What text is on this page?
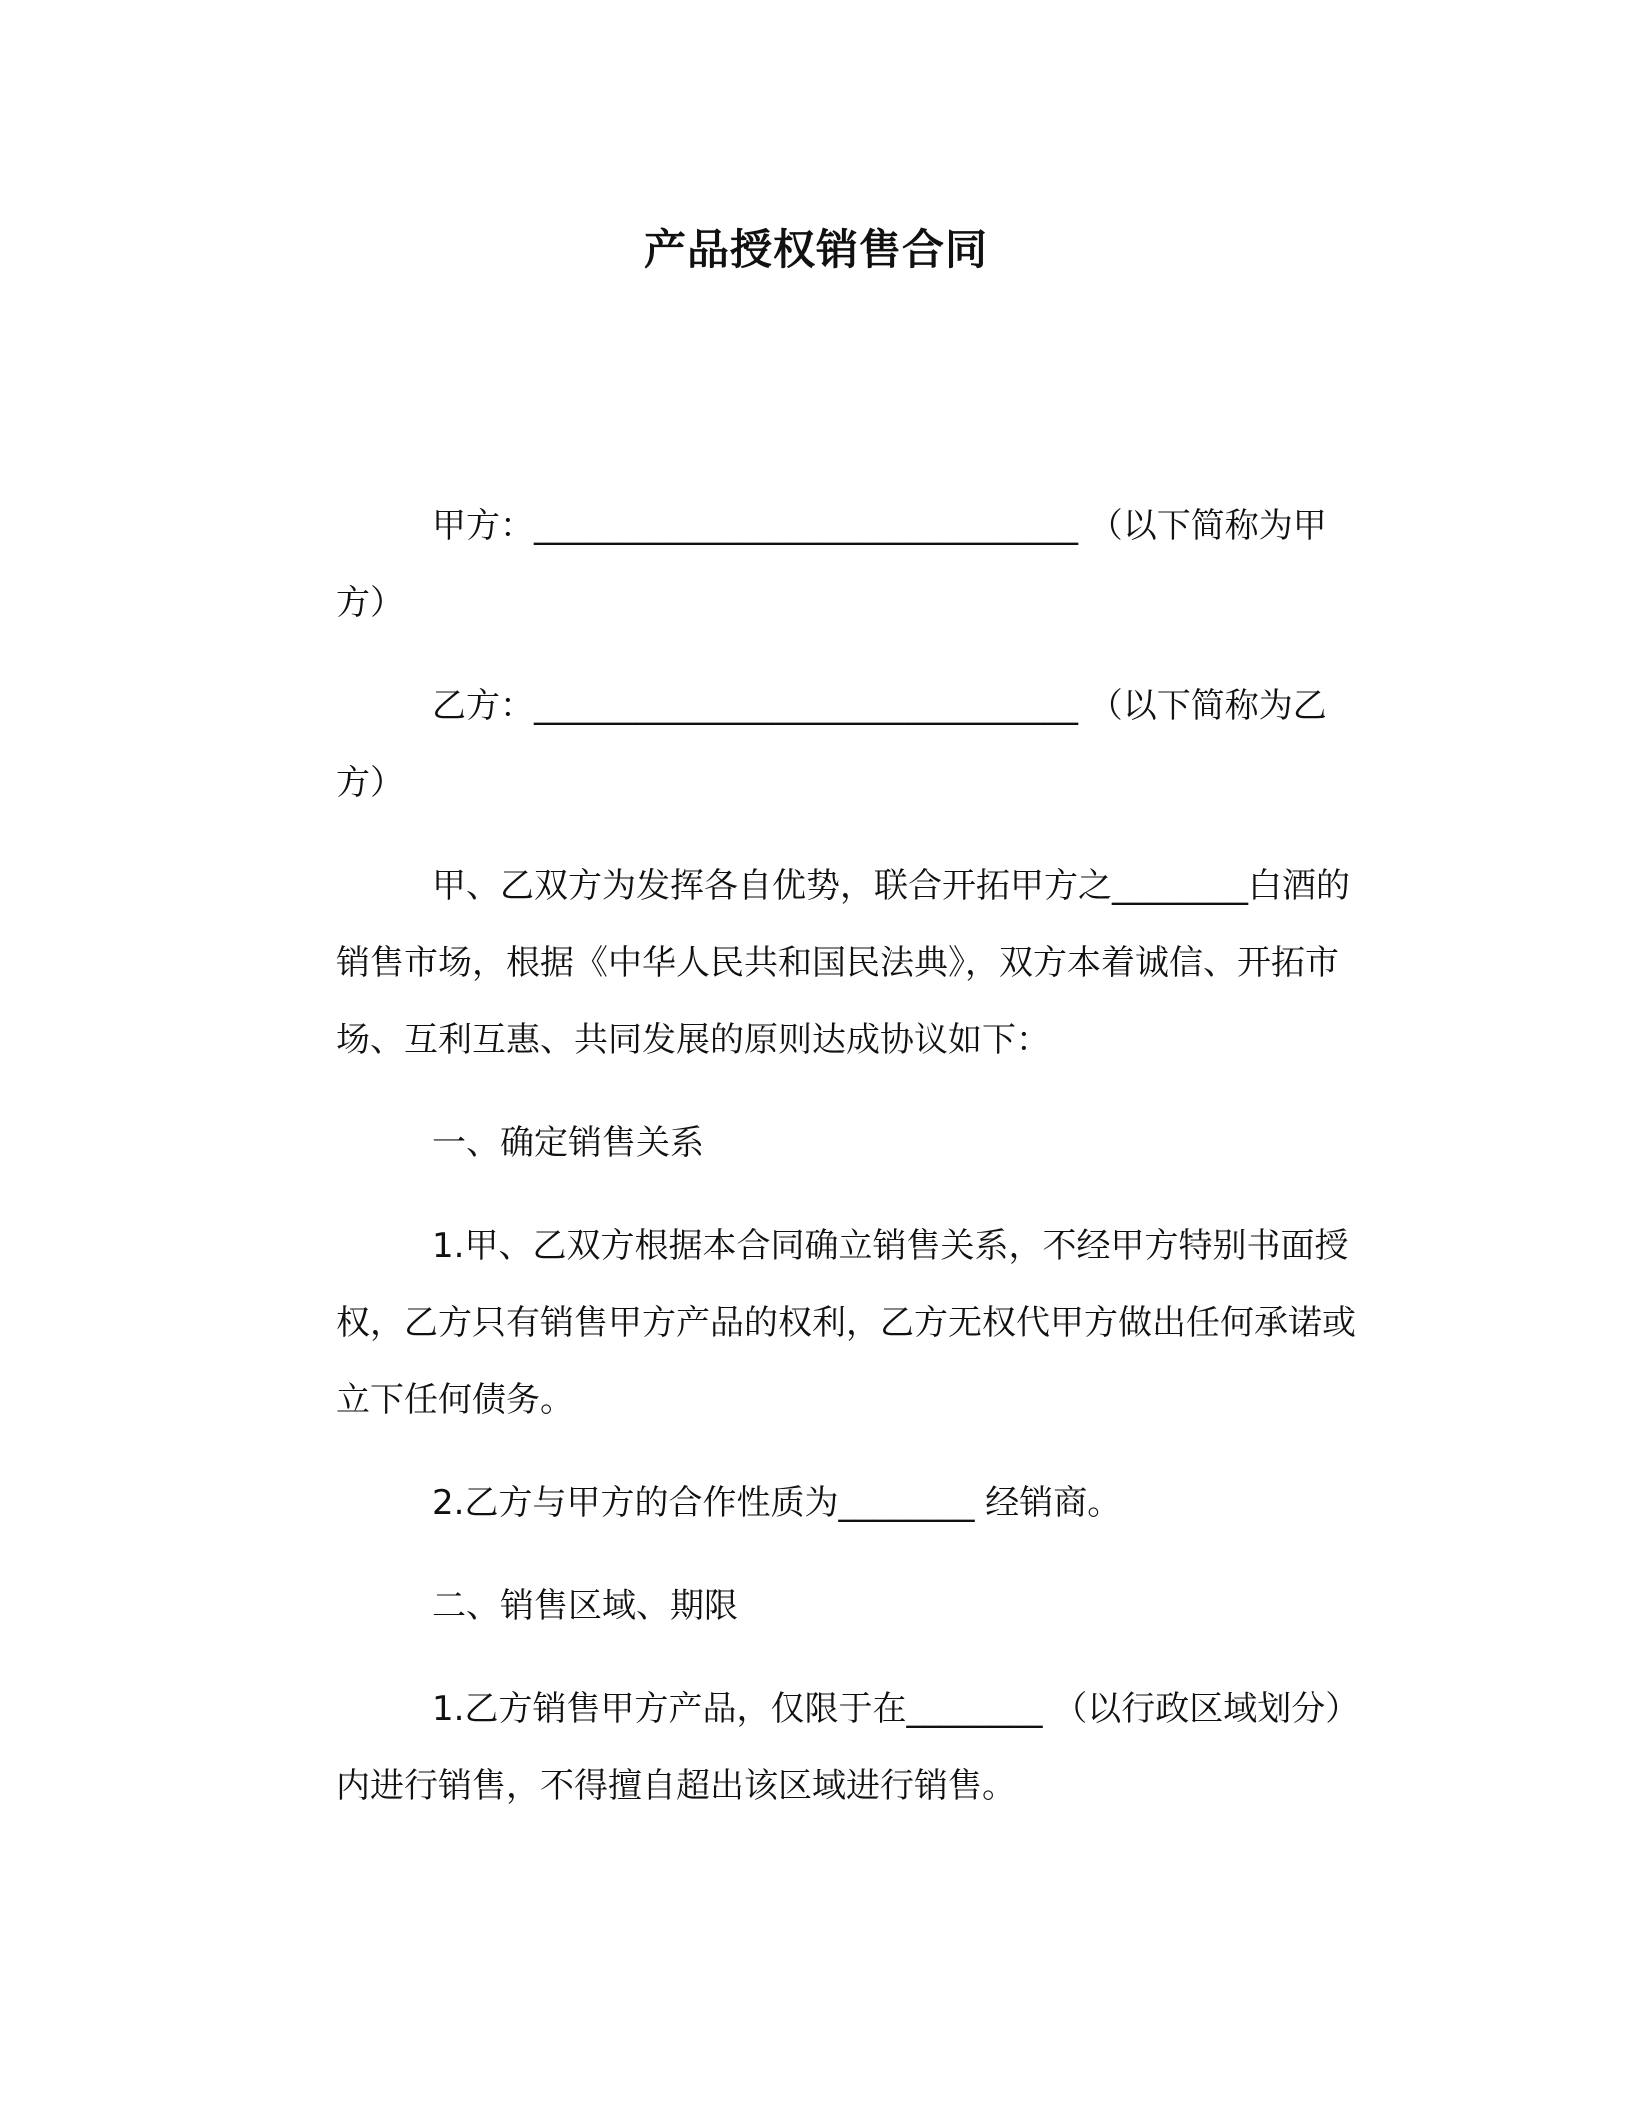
产品授权销售合同
甲方：________________________________ （以下简称为甲
方）
乙方：________________________________ （以下简称为乙
方）
甲、乙双方为发挥各自优势，联合开拓甲方之________白酒的
销售市场，根据《中华人民共和国民法典》，双方本着诚信、开拓市
场、互利互惠、共同发展的原则达成协议如下：
一、确定销售关系
1.甲、乙双方根据本合同确立销售关系，不经甲方特别书面授
权，乙方只有销售甲方产品的权利，乙方无权代甲方做出任何承诺或
立下任何债务。
2.乙方与甲方的合作性质为________ 经销商。
二、销售区域、期限
1.乙方销售甲方产品，仅限于在________ （以行政区域划分）
内进行销售，不得擅自超出该区域进行销售。
